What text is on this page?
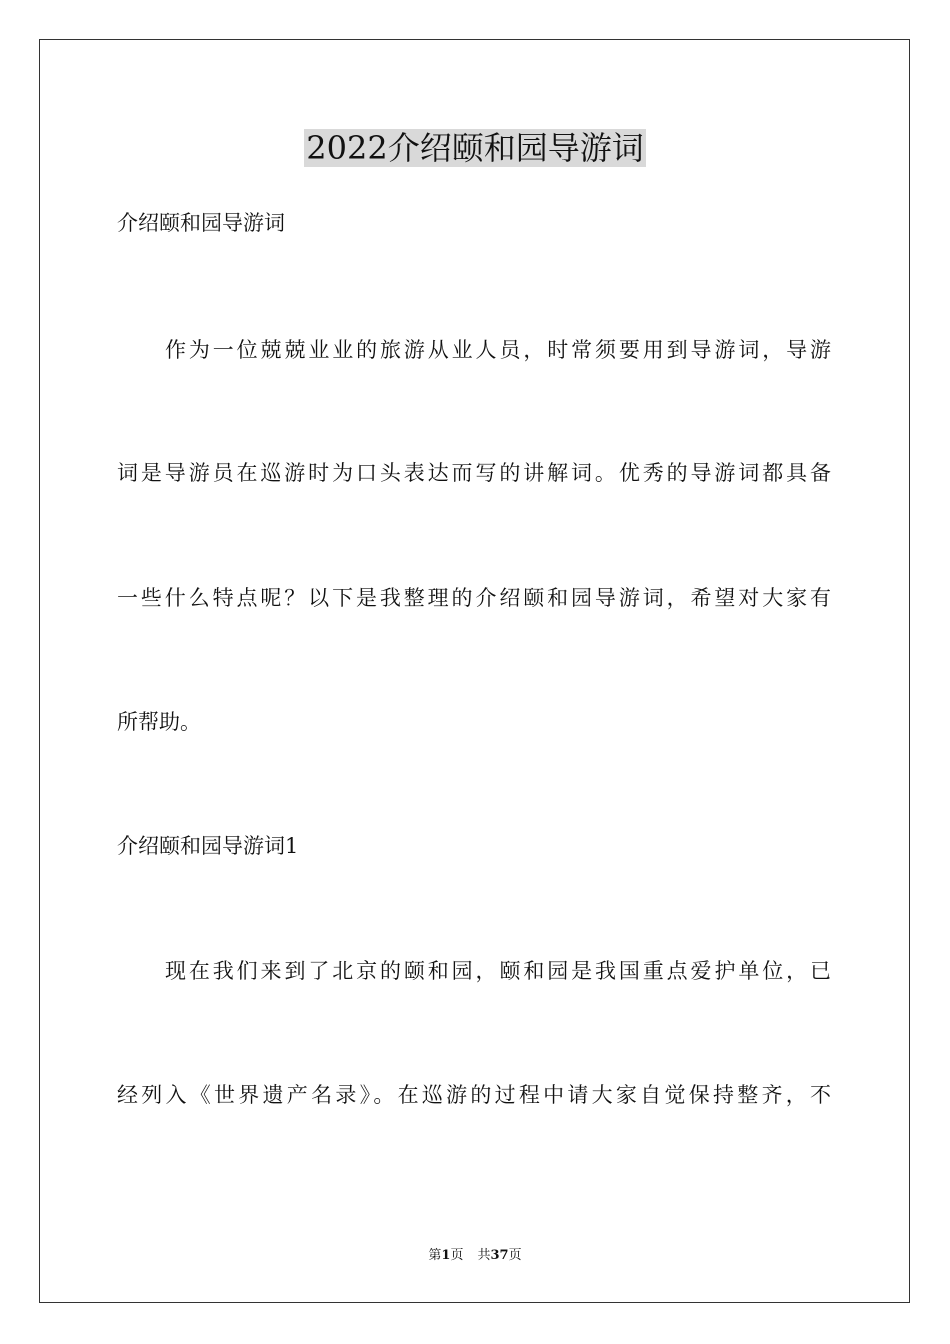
2022介绍颐和园导游词
介绍颐和园导游词
作为一位兢兢业业的旅游从业人员，时常须要用到导游词，导游
词是导游员在巡游时为口头表达而写的讲解词。优秀的导游词都具备
一些什么特点呢？以下是我整理的介绍颐和园导游词，希望对大家有
所帮助。
介绍颐和园导游词1
现在我们来到了北京的颐和园，颐和园是我国重点爱护单位，已
经列入《世界遗产名录》。在巡游的过程中请大家自觉保持整齐，不
第1页 共37页
